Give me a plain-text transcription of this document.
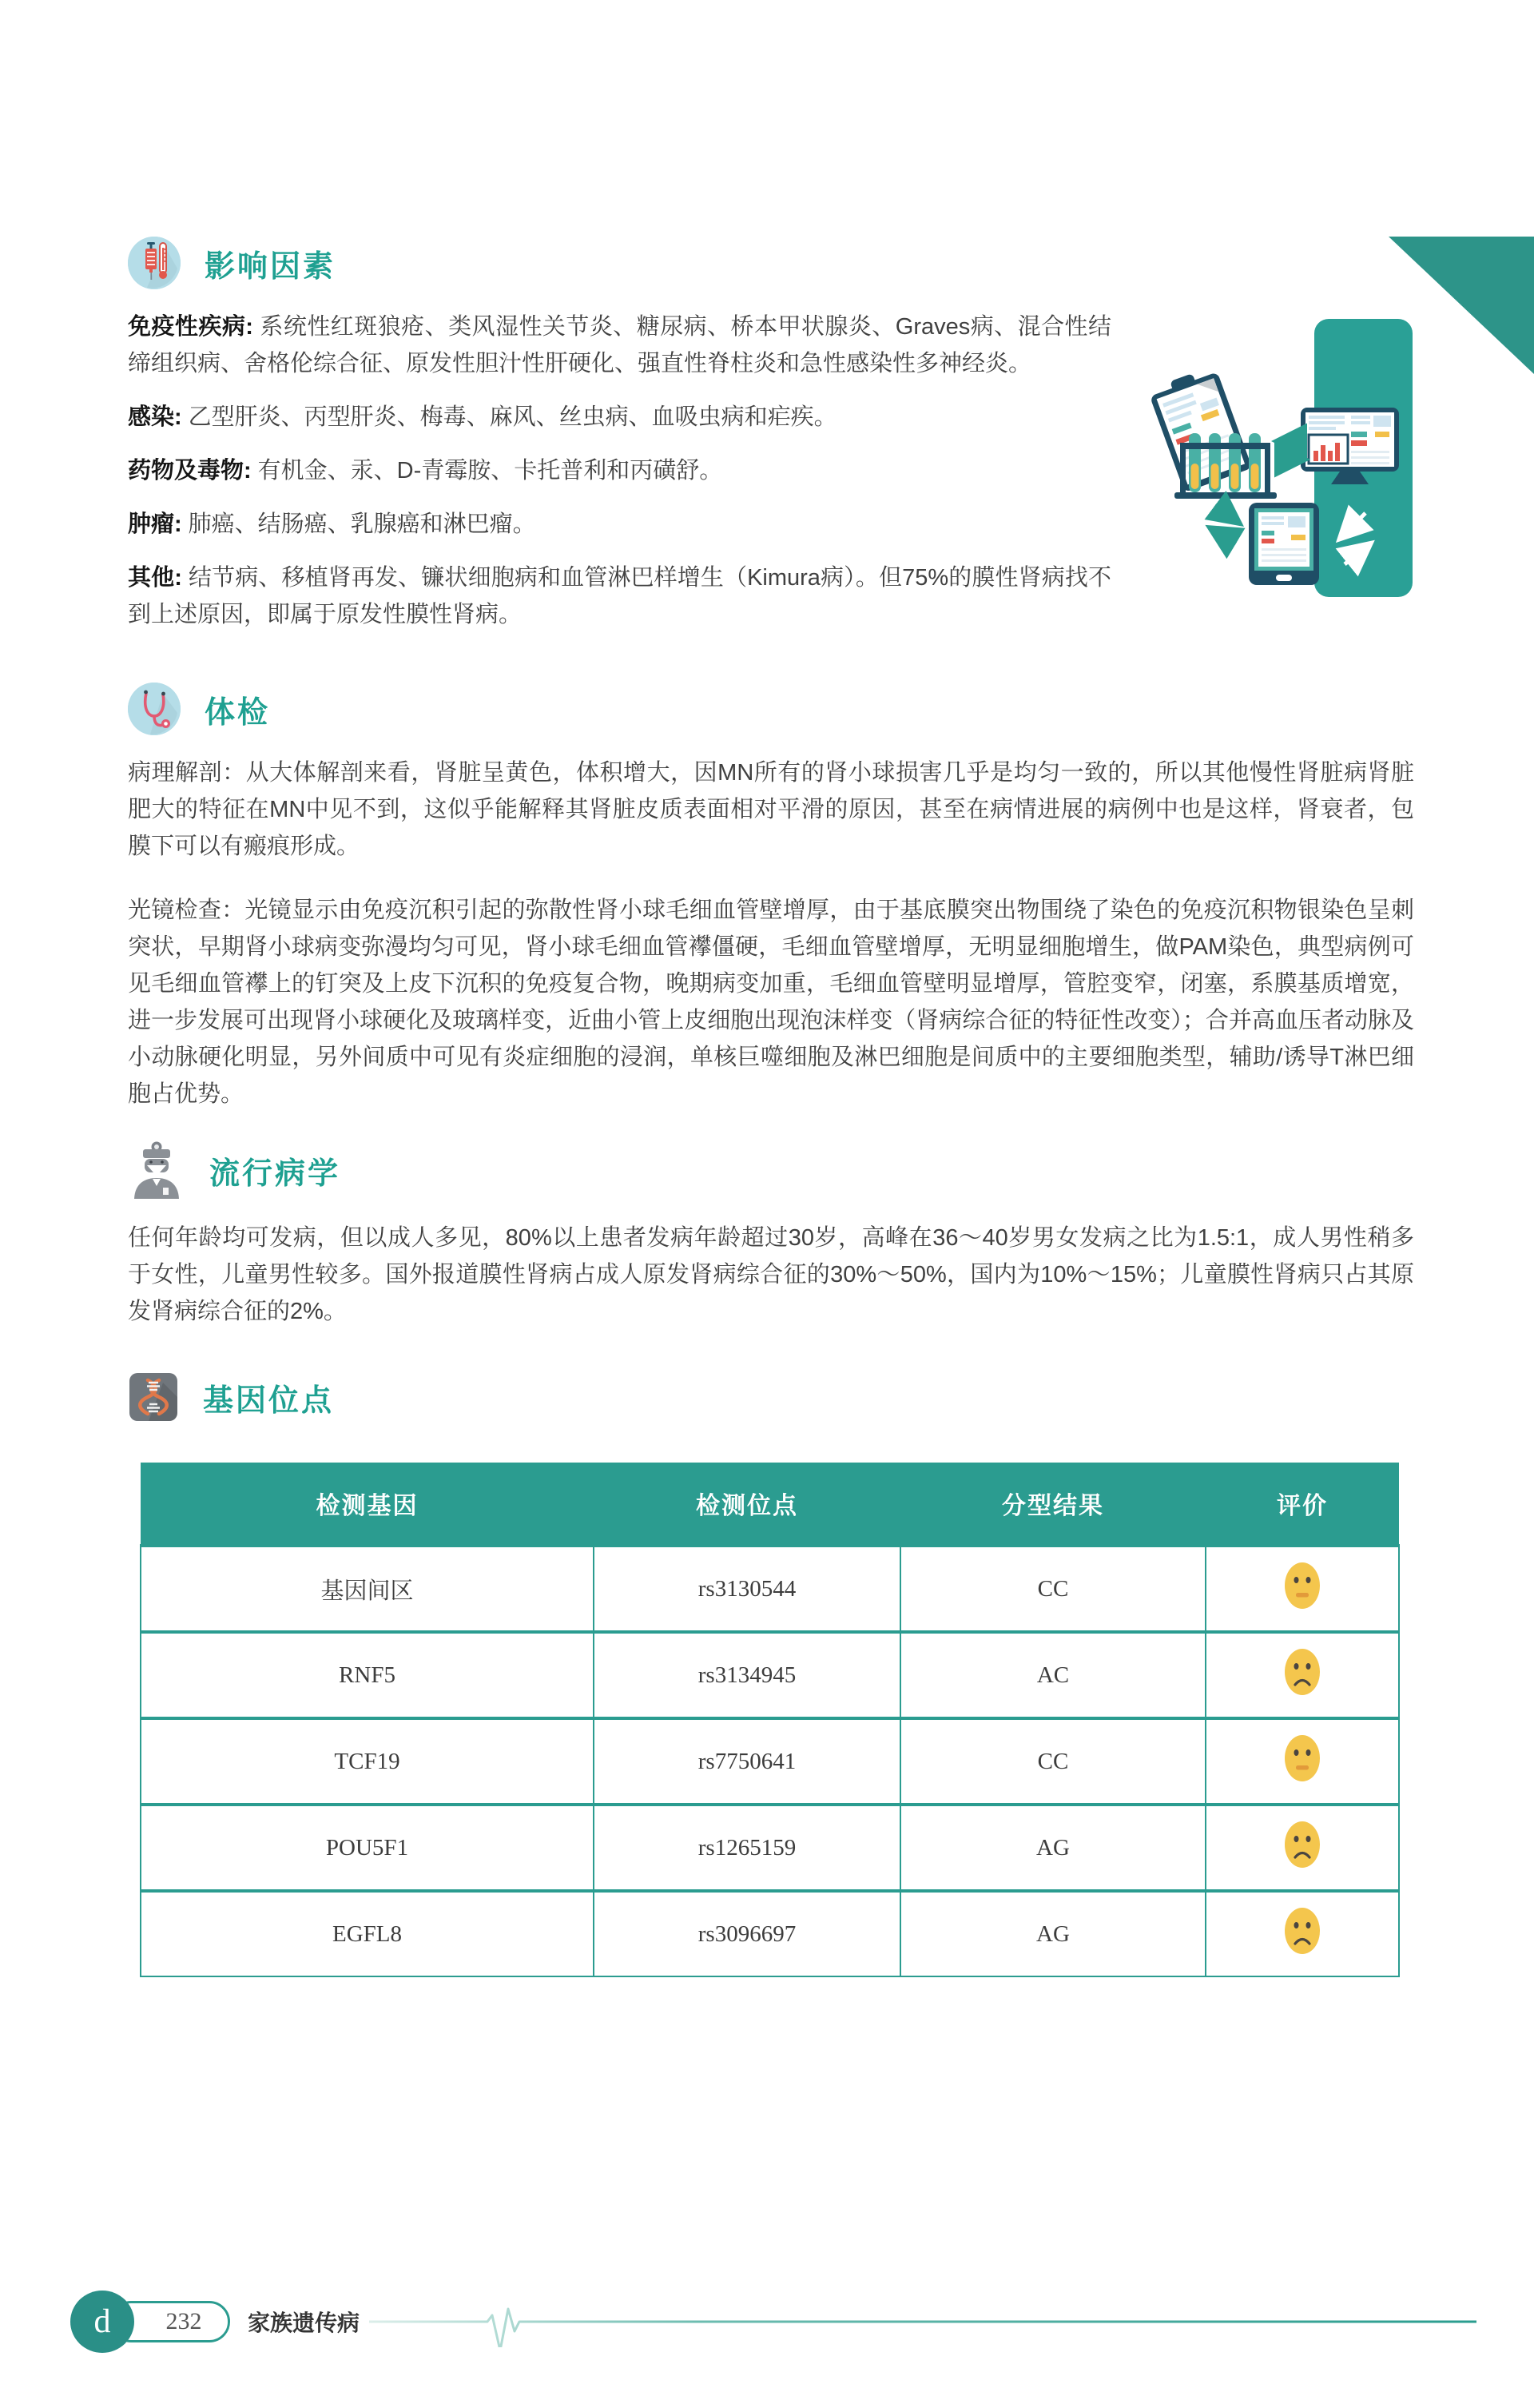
影响因素

免疫性疾病: 系统性红斑狼疮、类风湿性关节炎、糖尿病、桥本甲状腺炎、Graves病、混合性结缔组织病、舍格伦综合征、原发性胆汁性肝硬化、强直性脊柱炎和急性感染性多神经炎。

感染: 乙型肝炎、丙型肝炎、梅毒、麻风、丝虫病、血吸虫病和疟疾。

药物及毒物: 有机金、汞、D-青霉胺、卡托普利和丙磺舒。

肿瘤: 肺癌、结肠癌、乳腺癌和淋巴瘤。

其他: 结节病、移植肾再发、镰状细胞病和血管淋巴样增生（Kimura病）。但75%的膜性肾病找不到上述原因，即属于原发性膜性肾病。

体检

病理解剖：从大体解剖来看，肾脏呈黄色，体积增大，因MN所有的肾小球损害几乎是均匀一致的，所以其他慢性肾脏病肾脏肥大的特征在MN中见不到，这似乎能解释其肾脏皮质表面相对平滑的原因，甚至在病情进展的病例中也是这样，肾衰者，包膜下可以有瘢痕形成。

光镜检查：光镜显示由免疫沉积引起的弥散性肾小球毛细血管壁增厚，由于基底膜突出物围绕了染色的免疫沉积物银染色呈刺突状，早期肾小球病变弥漫均匀可见，肾小球毛细血管襻僵硬，毛细血管壁增厚，无明显细胞增生，做PAM染色，典型病例可见毛细血管襻上的钉突及上皮下沉积的免疫复合物，晚期病变加重，毛细血管壁明显增厚，管腔变窄，闭塞，系膜基质增宽，进一步发展可出现肾小球硬化及玻璃样变，近曲小管上皮细胞出现泡沫样变（肾病综合征的特征性改变）；合并高血压者动脉及小动脉硬化明显，另外间质中可见有炎症细胞的浸润，单核巨噬细胞及淋巴细胞是间质中的主要细胞类型，辅助/诱导T淋巴细胞占优势。

流行病学

任何年龄均可发病，但以成人多见，80%以上患者发病年龄超过30岁，高峰在36～40岁男女发病之比为1.5:1，成人男性稍多于女性，儿童男性较多。国外报道膜性肾病占成人原发肾病综合征的30%～50%，国内为10%～15%；儿童膜性肾病只占其原发肾病综合征的2%。

基因位点
检测基因	检测位点	分型结果	评价
基因间区	rs3130544	CC	
RNF5	rs3134945	AC	
TCF19	rs7750641	CC	
POU5F1	rs1265159	AG	
EGFL8	rs3096697	AG	
d	232 家族遗传病
